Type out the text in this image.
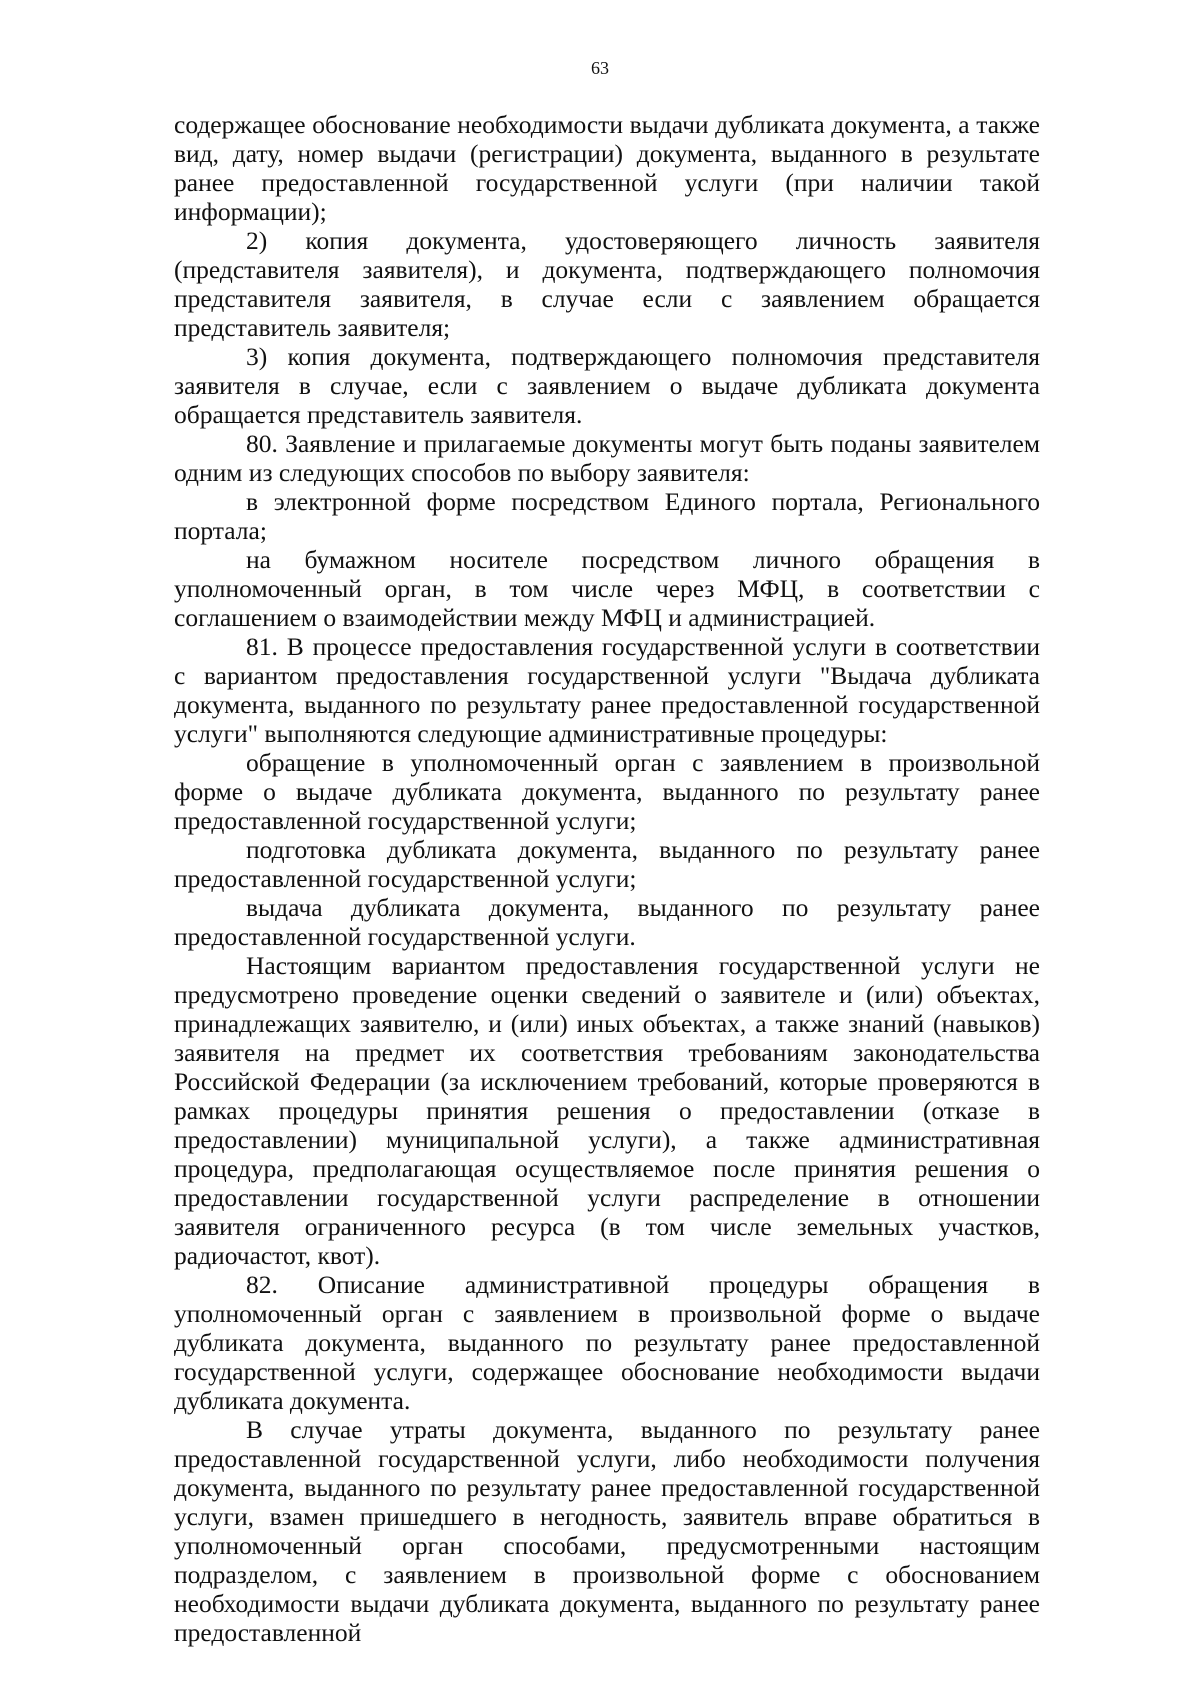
63

содержащее обоснование необходимости выдачи дубликата документа, а также вид, дату, номер выдачи (регистрации) документа, выданного в результате ранее предоставленной государственной услуги (при наличии такой информации);

2) копия документа, удостоверяющего личность заявителя (представителя заявителя), и документа, подтверждающего полномочия представителя заявителя, в случае если с заявлением обращается представитель заявителя;

3) копия документа, подтверждающего полномочия представителя заявителя в случае, если с заявлением о выдаче дубликата документа обращается представитель заявителя.

80. Заявление и прилагаемые документы могут быть поданы заявителем одним из следующих способов по выбору заявителя:

в электронной форме посредством Единого портала, Регионального портала;

на бумажном носителе посредством личного обращения в уполномоченный орган, в том числе через МФЦ, в соответствии с соглашением о взаимодействии между МФЦ и администрацией.

81. В процессе предоставления государственной услуги в соответствии с вариантом предоставления государственной услуги "Выдача дубликата документа, выданного по результату ранее предоставленной государственной услуги" выполняются следующие административные процедуры:

обращение в уполномоченный орган с заявлением в произвольной форме о выдаче дубликата документа, выданного по результату ранее предоставленной государственной услуги;

подготовка дубликата документа, выданного по результату ранее предоставленной государственной услуги;

выдача дубликата документа, выданного по результату ранее предоставленной государственной услуги.

Настоящим вариантом предоставления государственной услуги не предусмотрено проведение оценки сведений о заявителе и (или) объектах, принадлежащих заявителю, и (или) иных объектах, а также знаний (навыков) заявителя на предмет их соответствия требованиям законодательства Российской Федерации (за исключением требований, которые проверяются в рамках процедуры принятия решения о предоставлении (отказе в предоставлении) муниципальной услуги), а также административная процедура, предполагающая осуществляемое после принятия решения о предоставлении государственной услуги распределение в отношении заявителя ограниченного ресурса (в том числе земельных участков, радиочастот, квот).

82. Описание административной процедуры обращения в уполномоченный орган с заявлением в произвольной форме о выдаче дубликата документа, выданного по результату ранее предоставленной государственной услуги, содержащее обоснование необходимости выдачи дубликата документа.

В случае утраты документа, выданного по результату ранее предоставленной государственной услуги, либо необходимости получения документа, выданного по результату ранее предоставленной государственной услуги, взамен пришедшего в негодность, заявитель вправе обратиться в уполномоченный орган способами, предусмотренными настоящим подразделом, с заявлением в произвольной форме с обоснованием необходимости выдачи дубликата документа, выданного по результату ранее предоставленной
